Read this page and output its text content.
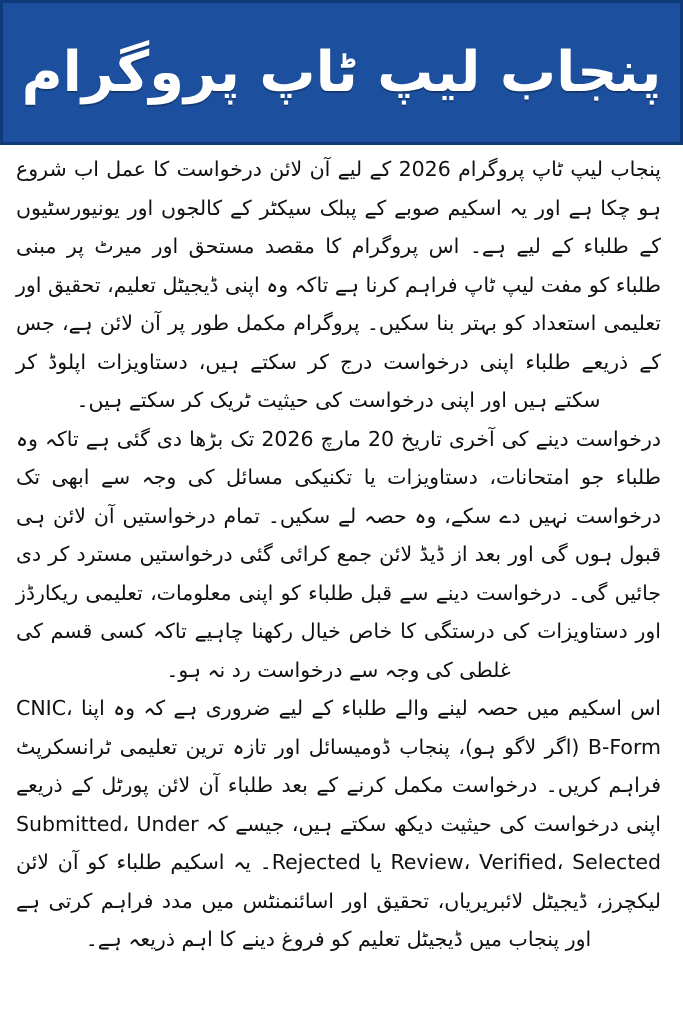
پنجاب لیپ ٹاپ پروگرام

پنجاب لیپ ٹاپ پروگرام 2026 کے لیے آن لائن درخواست کا عمل اب شروع ہو چکا ہے اور یہ اسکیم صوبے کے پبلک سیکٹر کے کالجوں اور یونیورسٹیوں کے طلباء کے لیے ہے۔ اس پروگرام کا مقصد مستحق اور میرٹ پر مبنی طلباء کو مفت لیپ ٹاپ فراہم کرنا ہے تاکہ وہ اپنی ڈیجیٹل تعلیم، تحقیق اور تعلیمی استعداد کو بہتر بنا سکیں۔ پروگرام مکمل طور پر آن لائن ہے، جس کے ذریعے طلباء اپنی درخواست درج کر سکتے ہیں، دستاویزات اپلوڈ کر سکتے ہیں اور اپنی درخواست کی حیثیت ٹریک کر سکتے ہیں۔

درخواست دینے کی آخری تاریخ 20 مارچ 2026 تک بڑھا دی گئی ہے تاکہ وہ طلباء جو امتحانات، دستاویزات یا تکنیکی مسائل کی وجہ سے ابھی تک درخواست نہیں دے سکے، وہ حصہ لے سکیں۔ تمام درخواستیں آن لائن ہی قبول ہوں گی اور بعد از ڈیڈ لائن جمع کرائی گئی درخواستیں مسترد کر دی جائیں گی۔ درخواست دینے سے قبل طلباء کو اپنی معلومات، تعلیمی ریکارڈز اور دستاویزات کی درستگی کا خاص خیال رکھنا چاہیے تاکہ کسی قسم کی غلطی کی وجہ سے درخواست رد نہ ہو۔

اس اسکیم میں حصہ لینے والے طلباء کے لیے ضروری ہے کہ وہ اپنا CNIC، B-Form (اگر لاگو ہو)، پنجاب ڈومیسائل اور تازہ ترین تعلیمی ٹرانسکرپٹ فراہم کریں۔ درخواست مکمل کرنے کے بعد طلباء آن لائن پورٹل کے ذریعے اپنی درخواست کی حیثیت دیکھ سکتے ہیں، جیسے کہ Submitted، Under Review، Verified، Selected یا Rejected۔ یہ اسکیم طلباء کو آن لائن لیکچرز، ڈیجیٹل لائبریریاں، تحقیق اور اسائنمنٹس میں مدد فراہم کرتی ہے اور پنجاب میں ڈیجیٹل تعلیم کو فروغ دینے کا اہم ذریعہ ہے۔
